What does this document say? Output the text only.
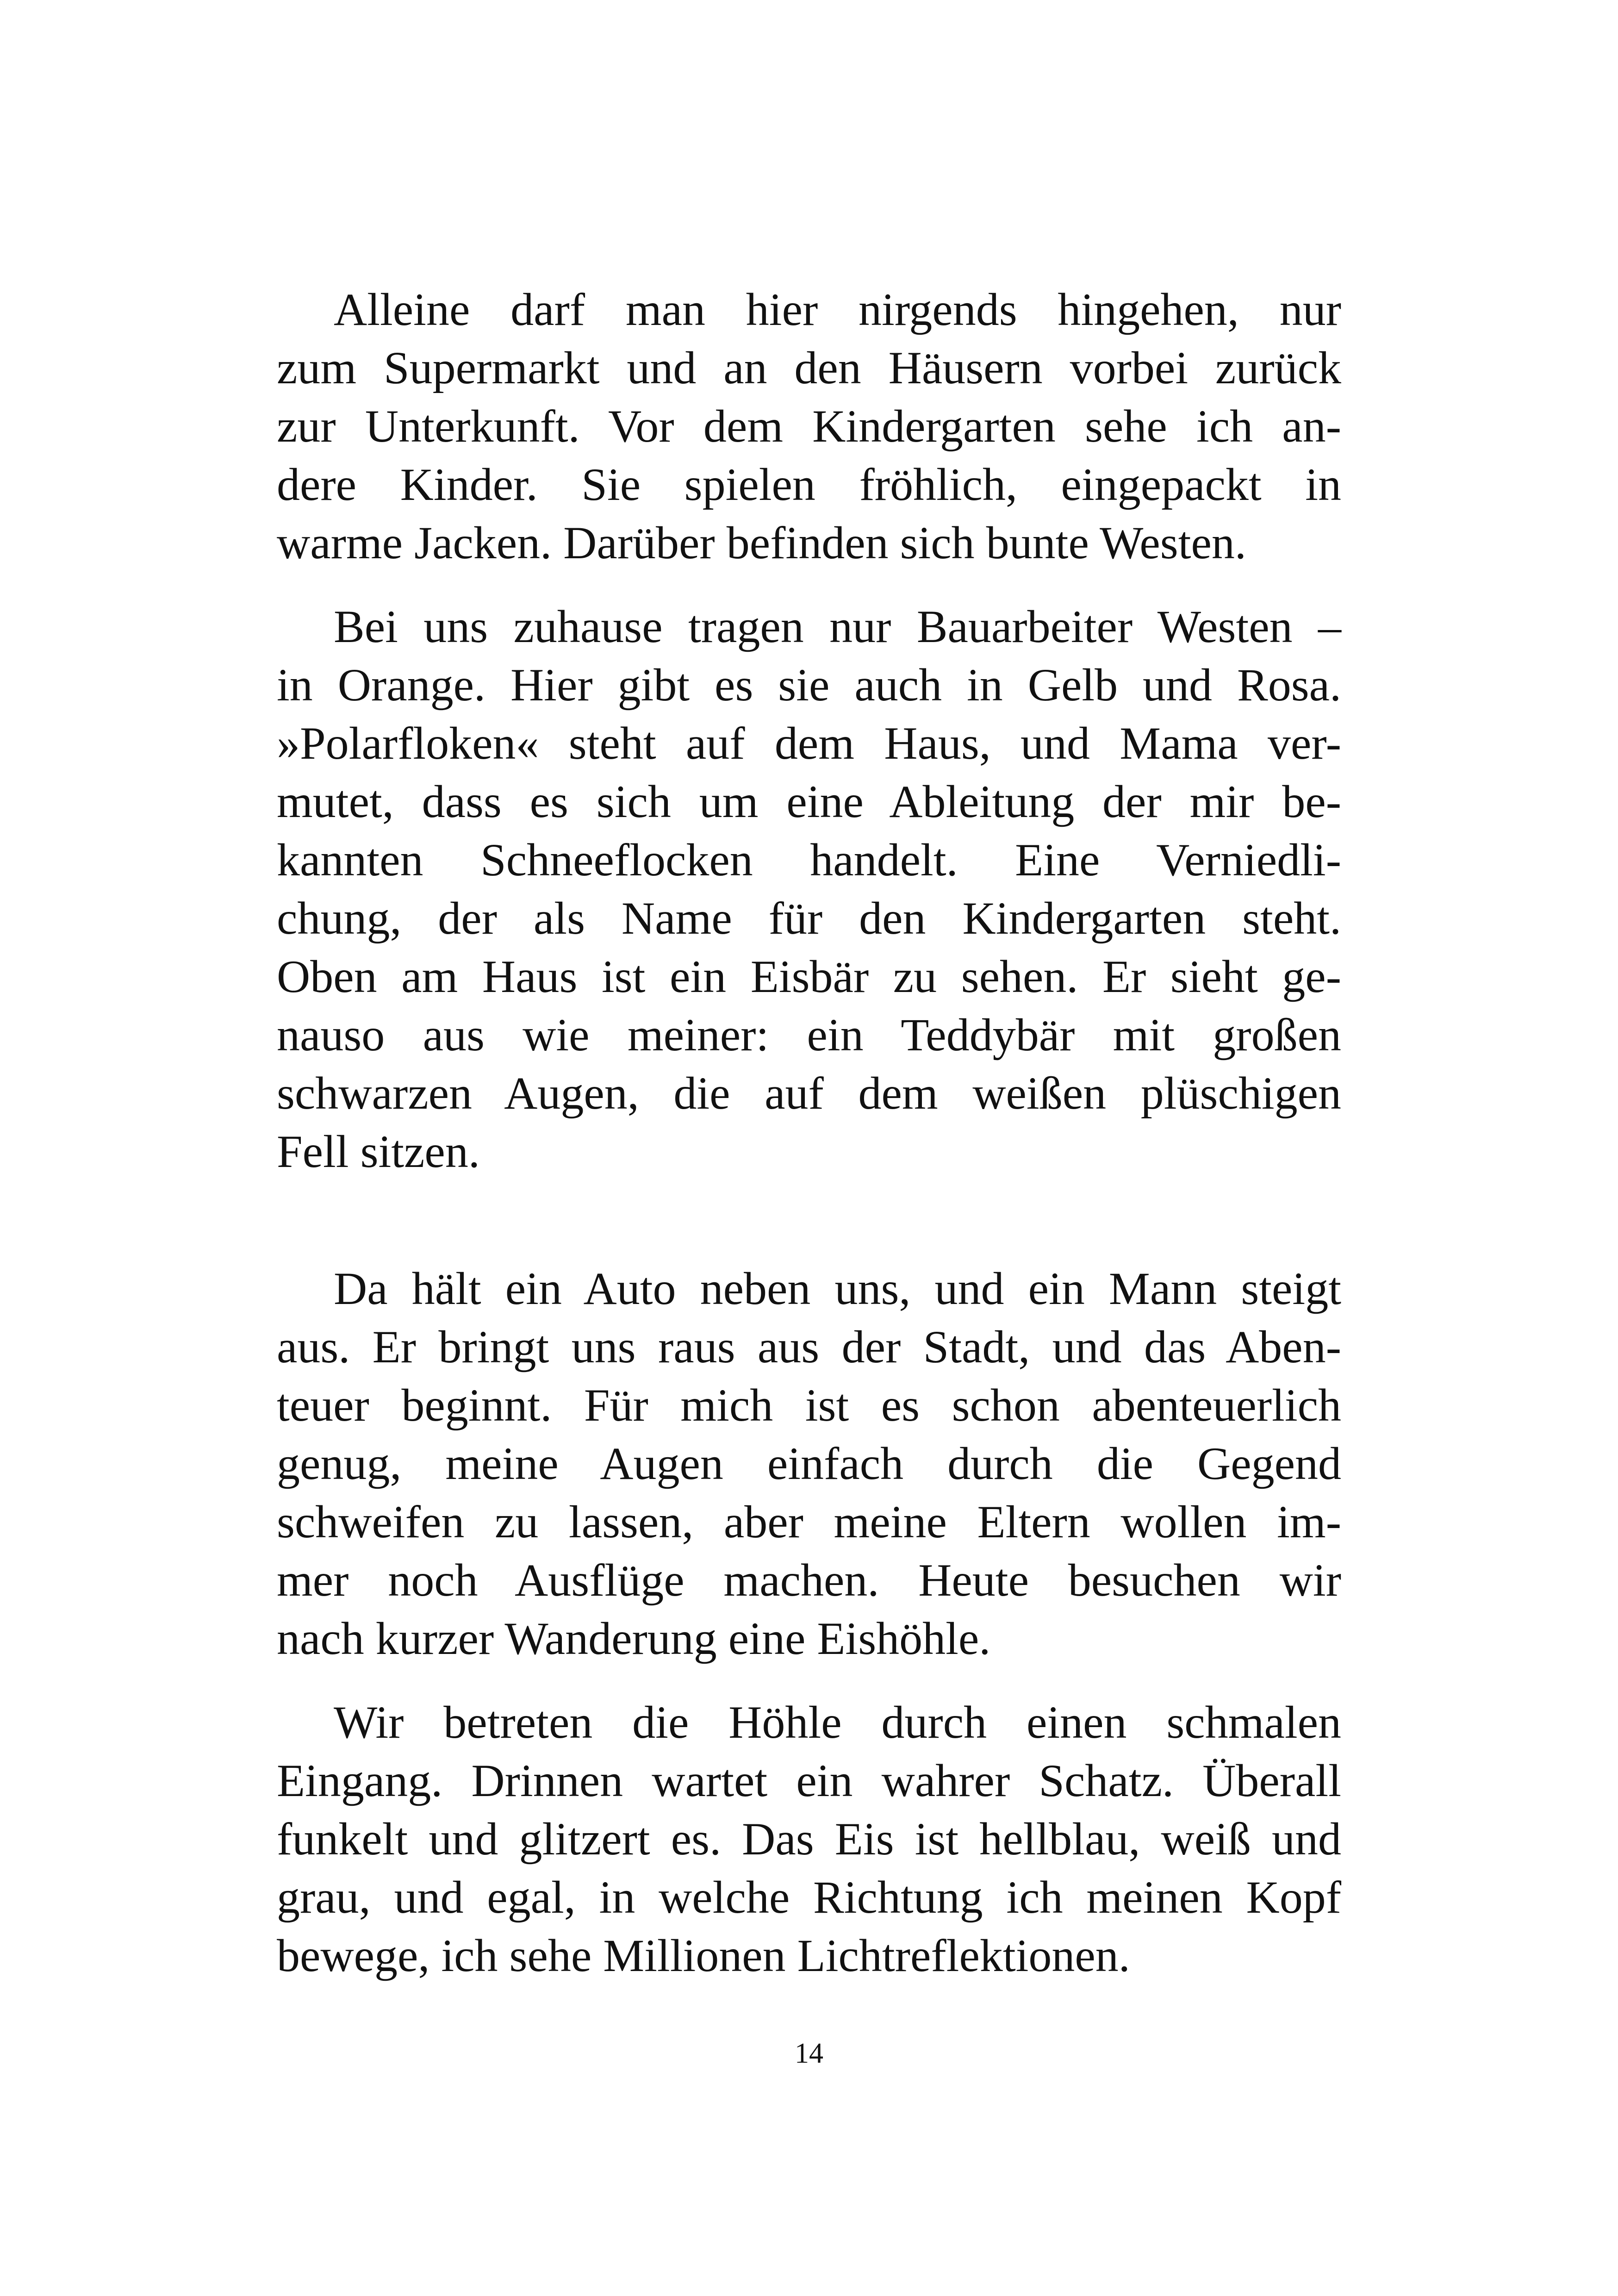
Alleine darf man hier nirgends hingehen, nur
zum Supermarkt und an den Häusern vorbei zurück
zur Unterkunft. Vor dem Kindergarten sehe ich an-
dere Kinder. Sie spielen fröhlich, eingepackt in
warme Jacken. Darüber befinden sich bunte Westen.
Bei uns zuhause tragen nur Bauarbeiter Westen –
in Orange. Hier gibt es sie auch in Gelb und Rosa.
»Polarfloken« steht auf dem Haus, und Mama ver-
mutet, dass es sich um eine Ableitung der mir be-
kannten Schneeflocken handelt. Eine Verniedli-
chung, der als Name für den Kindergarten steht.
Oben am Haus ist ein Eisbär zu sehen. Er sieht ge-
nauso aus wie meiner: ein Teddybär mit großen
schwarzen Augen, die auf dem weißen plüschigen
Fell sitzen.
Da hält ein Auto neben uns, und ein Mann steigt
aus. Er bringt uns raus aus der Stadt, und das Aben-
teuer beginnt. Für mich ist es schon abenteuerlich
genug, meine Augen einfach durch die Gegend
schweifen zu lassen, aber meine Eltern wollen im-
mer noch Ausflüge machen. Heute besuchen wir
nach kurzer Wanderung eine Eishöhle.
Wir betreten die Höhle durch einen schmalen
Eingang. Drinnen wartet ein wahrer Schatz. Überall
funkelt und glitzert es. Das Eis ist hellblau, weiß und
grau, und egal, in welche Richtung ich meinen Kopf
bewege, ich sehe Millionen Lichtreflektionen.
14
